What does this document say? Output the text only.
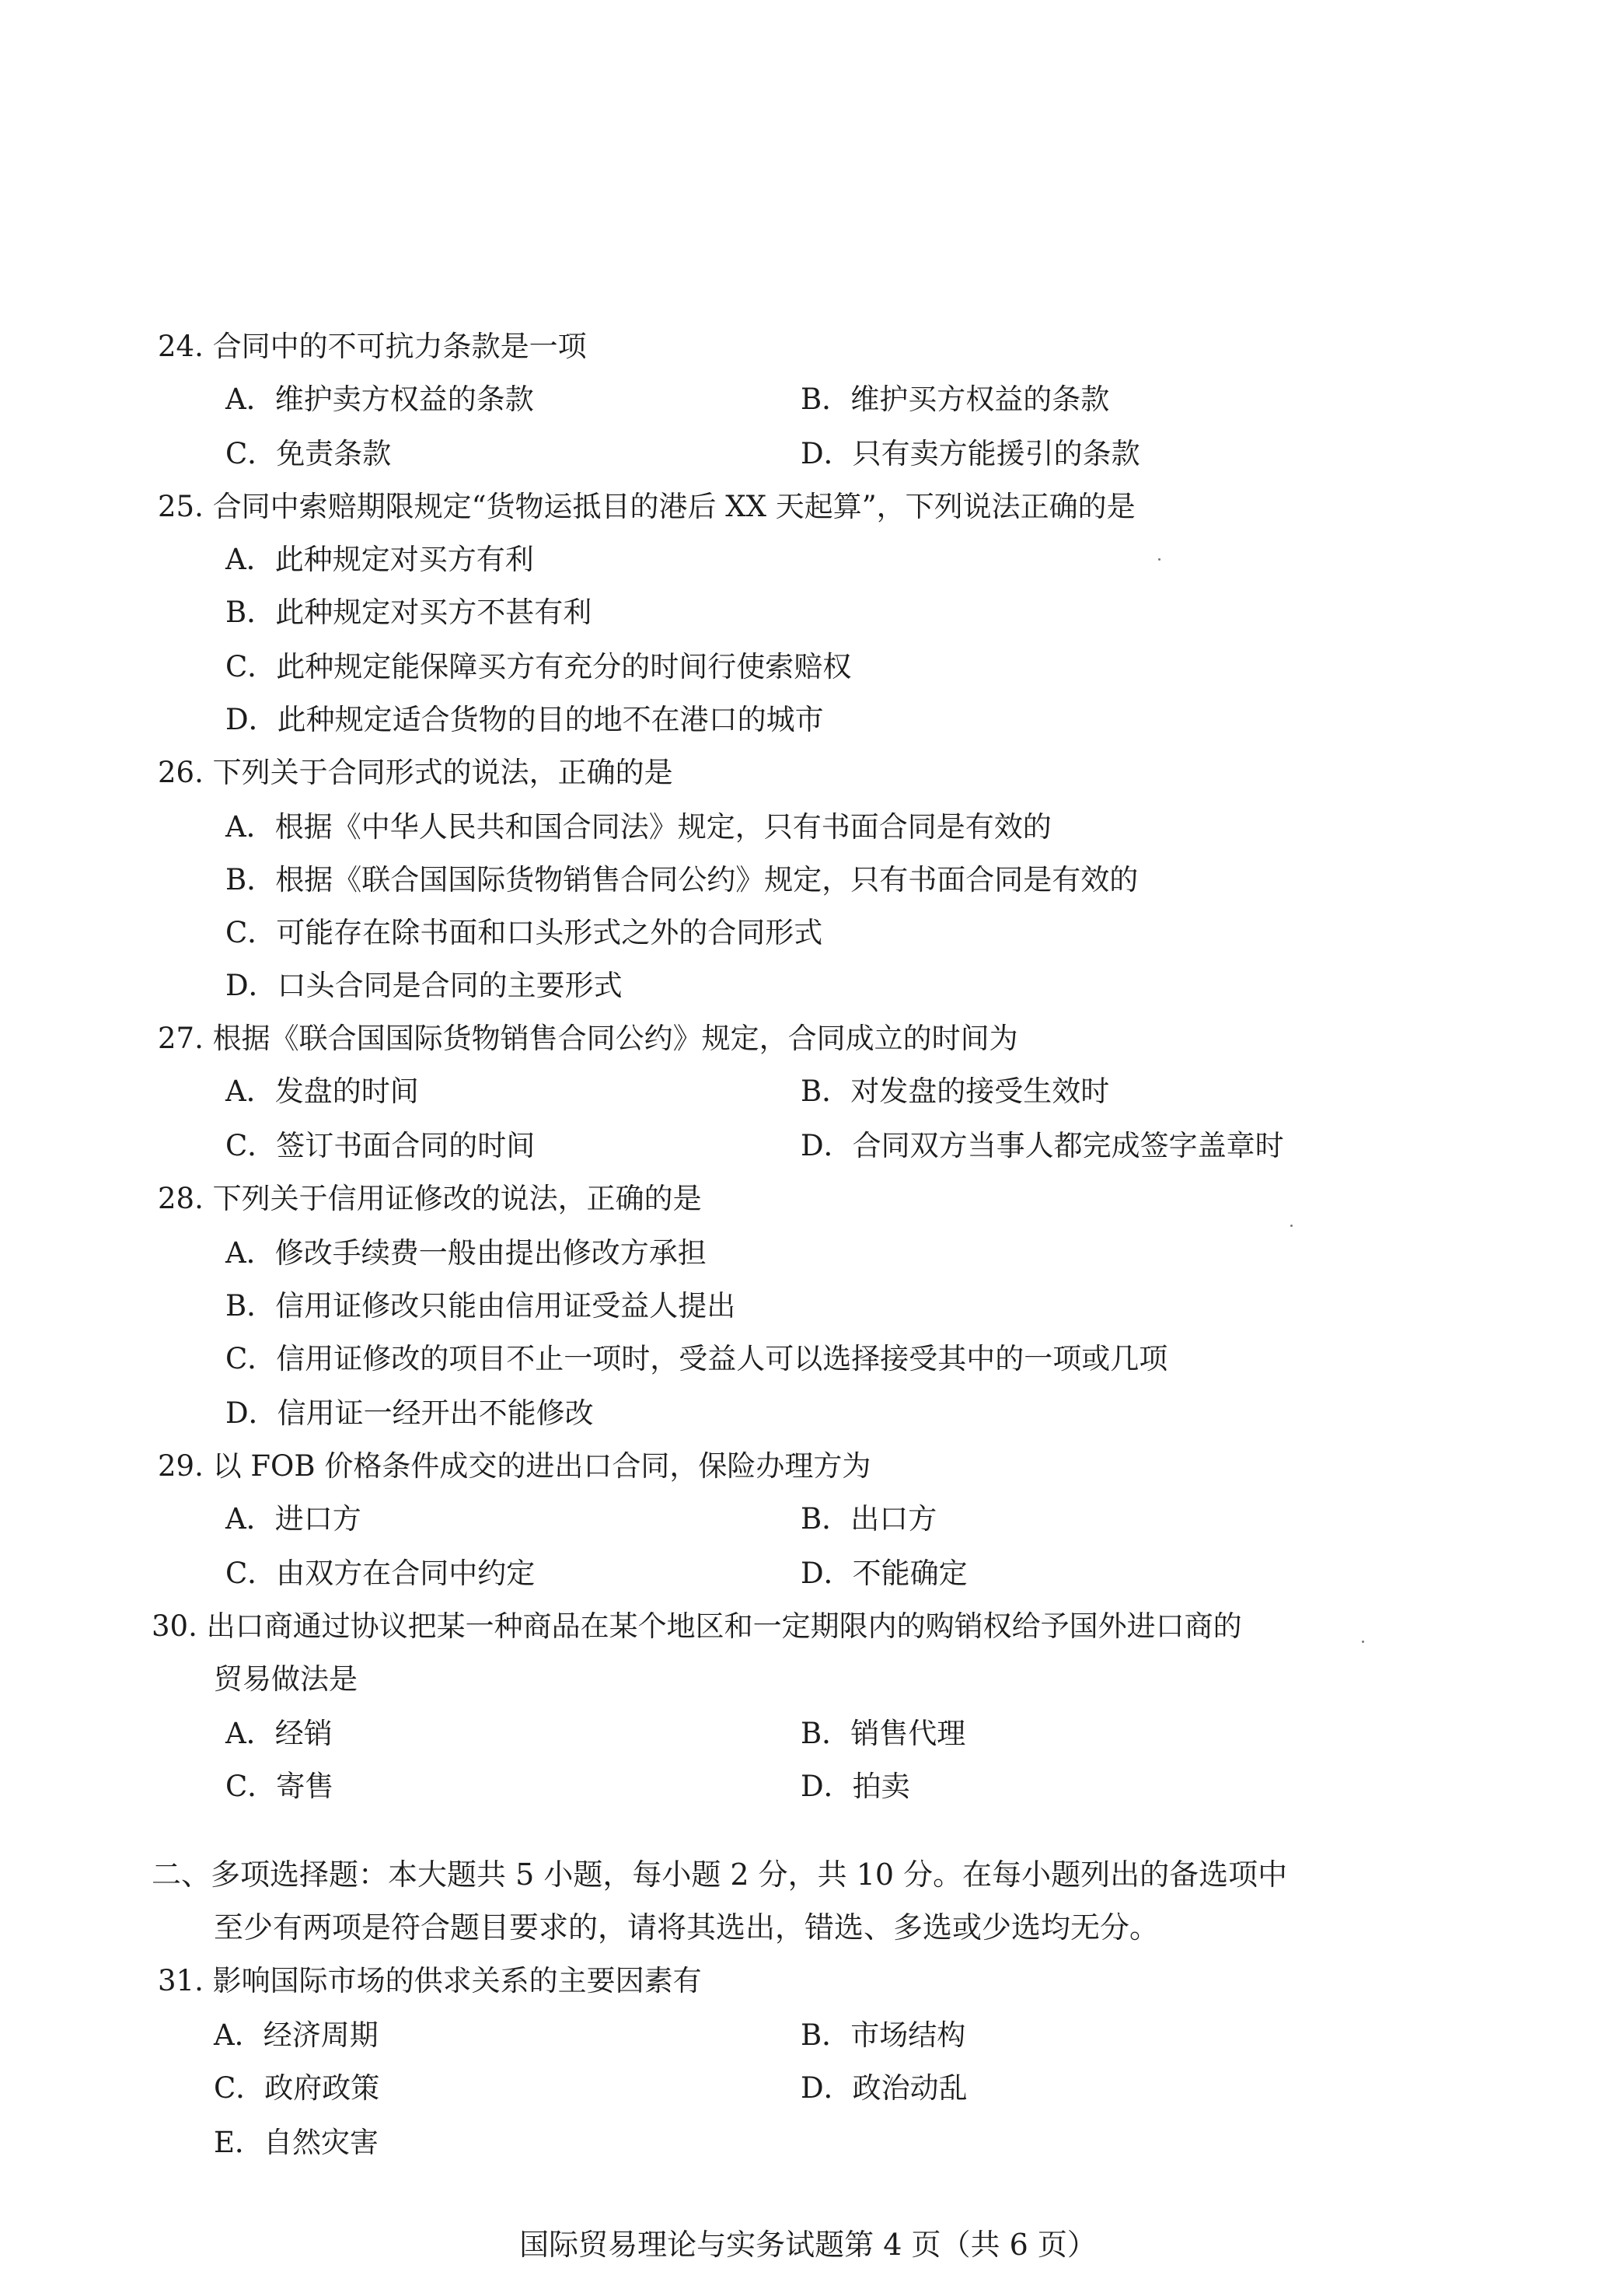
24. 合同中的不可抗力条款是一项
A．维护卖方权益的条款	B．维护买方权益的条款
C．免责条款	D．只有卖方能援引的条款
25. 合同中索赔期限规定“货物运抵目的港后 XX 天起算”，下列说法正确的是
A．此种规定对买方有利
B．此种规定对买方不甚有利
C．此种规定能保障买方有充分的时间行使索赔权
D．此种规定适合货物的目的地不在港口的城市
26. 下列关于合同形式的说法，正确的是
A．根据《中华人民共和国合同法》规定，只有书面合同是有效的
B．根据《联合国国际货物销售合同公约》规定，只有书面合同是有效的
C．可能存在除书面和口头形式之外的合同形式
D．口头合同是合同的主要形式
27. 根据《联合国国际货物销售合同公约》规定，合同成立的时间为
A．发盘的时间	B．对发盘的接受生效时
C．签订书面合同的时间	D．合同双方当事人都完成签字盖章时
28. 下列关于信用证修改的说法，正确的是
A．修改手续费一般由提出修改方承担
B．信用证修改只能由信用证受益人提出
C．信用证修改的项目不止一项时，受益人可以选择接受其中的一项或几项
D．信用证一经开出不能修改
29. 以 FOB 价格条件成交的进出口合同，保险办理方为
A．进口方	B．出口方
C．由双方在合同中约定	D．不能确定
30. 出口商通过协议把某一种商品在某个地区和一定期限内的购销权给予国外进口商的
贸易做法是
A．经销	B．销售代理
C．寄售	D．拍卖
二、多项选择题：本大题共 5 小题，每小题 2 分，共 10 分。在每小题列出的备选项中
至少有两项是符合题目要求的，请将其选出，错选、多选或少选均无分。
31. 影响国际市场的供求关系的主要因素有
A．经济周期	B．市场结构
C．政府政策	D．政治动乱
E．自然灾害
国际贸易理论与实务试题第 4 页（共 6 页）
